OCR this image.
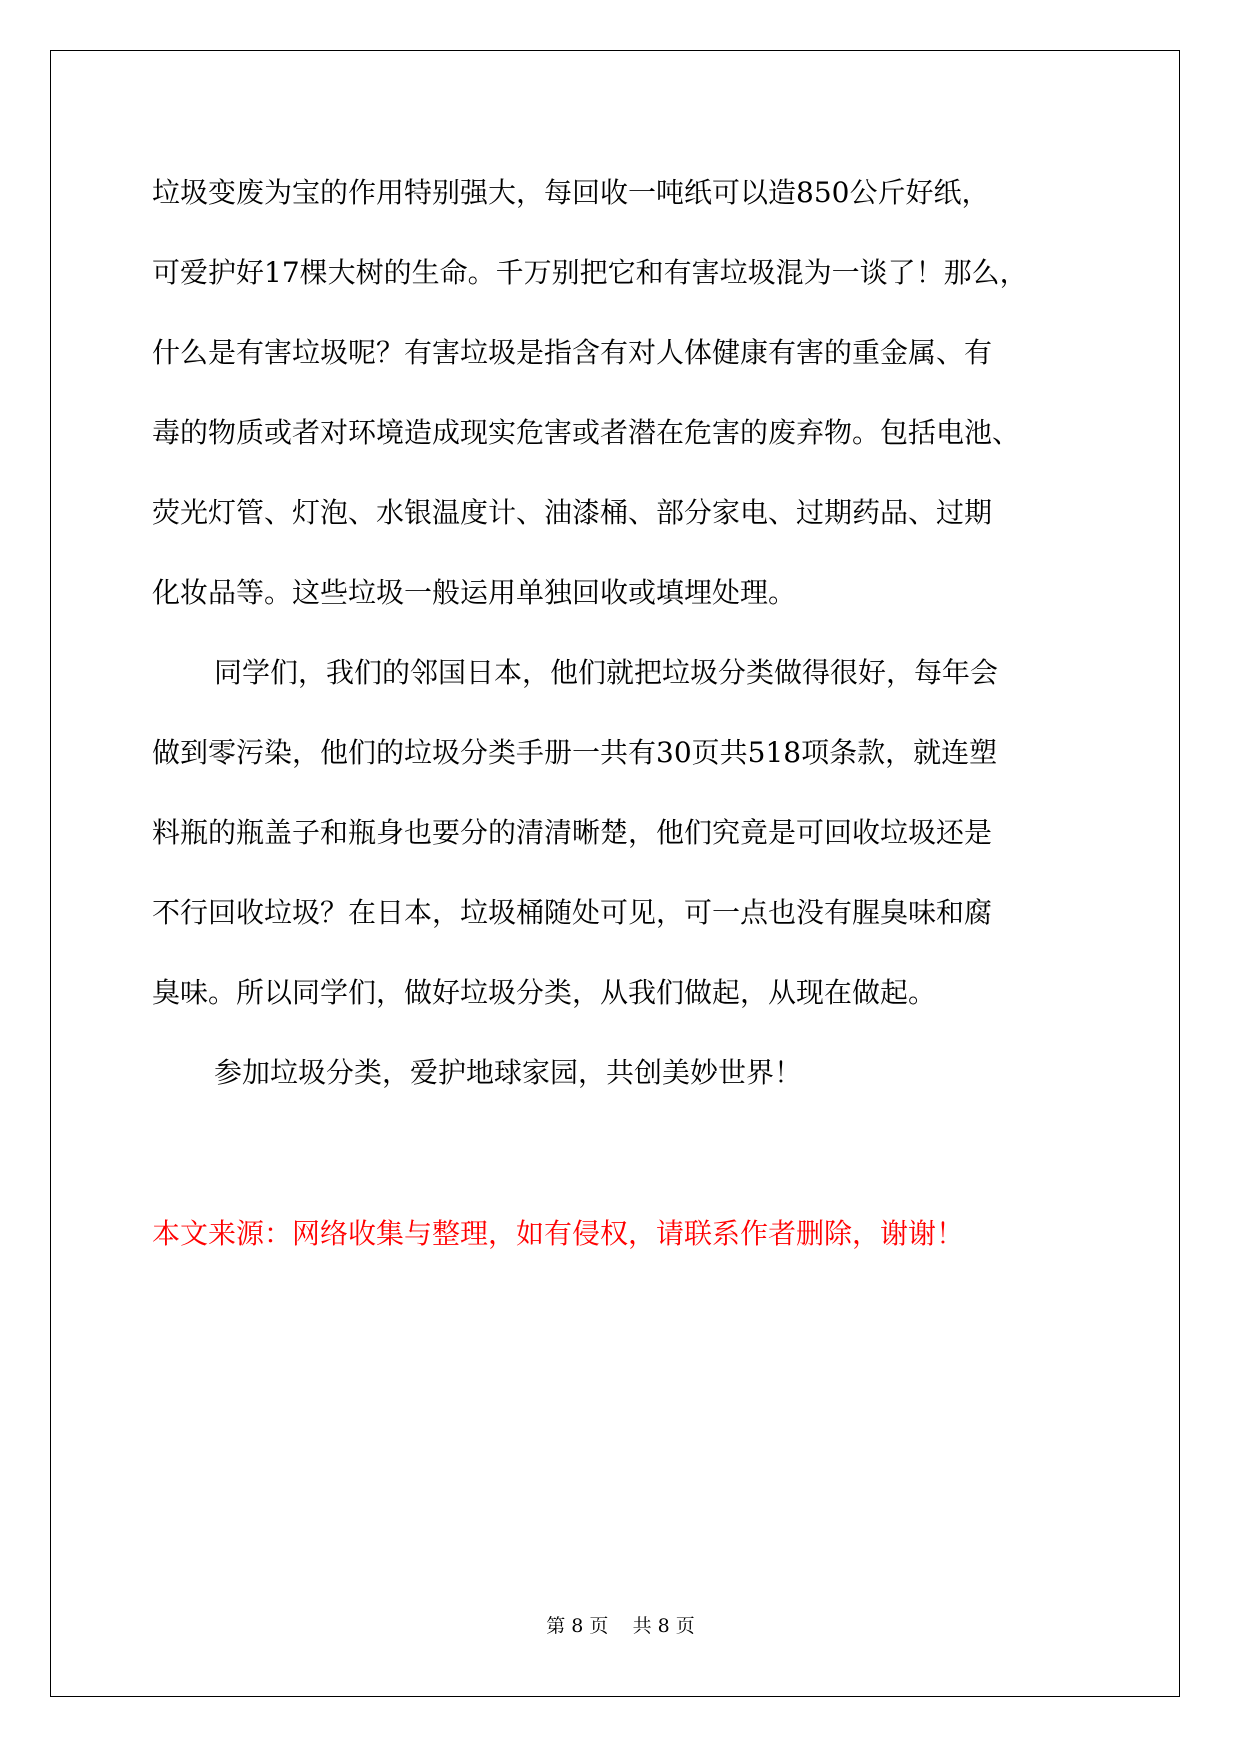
垃圾变废为宝的作用特别强大，每回收一吨纸可以造850公斤好纸，
可爱护好17棵大树的生命。千万别把它和有害垃圾混为一谈了！那么，
什么是有害垃圾呢？有害垃圾是指含有对人体健康有害的重金属、有
毒的物质或者对环境造成现实危害或者潜在危害的废弃物。包括电池、
荧光灯管、灯泡、水银温度计、油漆桶、部分家电、过期药品、过期
化妆品等。这些垃圾一般运用单独回收或填埋处理。
同学们，我们的邻国日本，他们就把垃圾分类做得很好，每年会
做到零污染，他们的垃圾分类手册一共有30页共518项条款，就连塑
料瓶的瓶盖子和瓶身也要分的清清晰楚，他们究竟是可回收垃圾还是
不行回收垃圾？在日本，垃圾桶随处可见，可一点也没有腥臭味和腐
臭味。所以同学们，做好垃圾分类，从我们做起，从现在做起。
参加垃圾分类，爱护地球家园，共创美妙世界！
本文来源：网络收集与整理，如有侵权，请联系作者删除，谢谢！
第 8 页    共 8 页
